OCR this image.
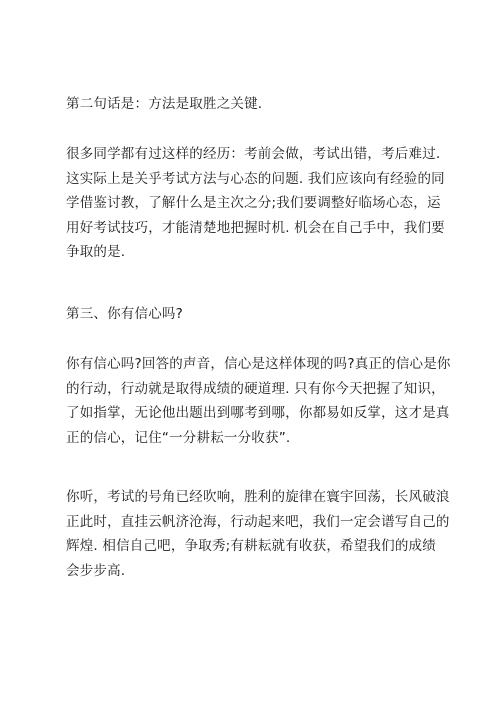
第二句话是：方法是取胜之关键.

很多同学都有过这样的经历：考前会做，考试出错，考后难过.
这实际上是关乎考试方法与心态的问题. 我们应该向有经验的同
学借鉴讨教，了解什么是主次之分;我们要调整好临场心态，运
用好考试技巧，才能清楚地把握时机. 机会在自己手中，我们要
争取的是.

第三、你有信心吗?

你有信心吗?回答的声音，信心是这样体现的吗?真正的信心是你
的行动，行动就是取得成绩的硬道理. 只有你今天把握了知识，
了如指掌，无论他出题出到哪考到哪，你都易如反掌，这才是真
正的信心，记住“一分耕耘一分收获”.

你听，考试的号角已经吹响，胜利的旋律在寰宇回荡，长风破浪
正此时，直挂云帆济沧海，行动起来吧，我们一定会谱写自己的
辉煌. 相信自己吧，争取秀;有耕耘就有收获，希望我们的成绩
会步步高.
